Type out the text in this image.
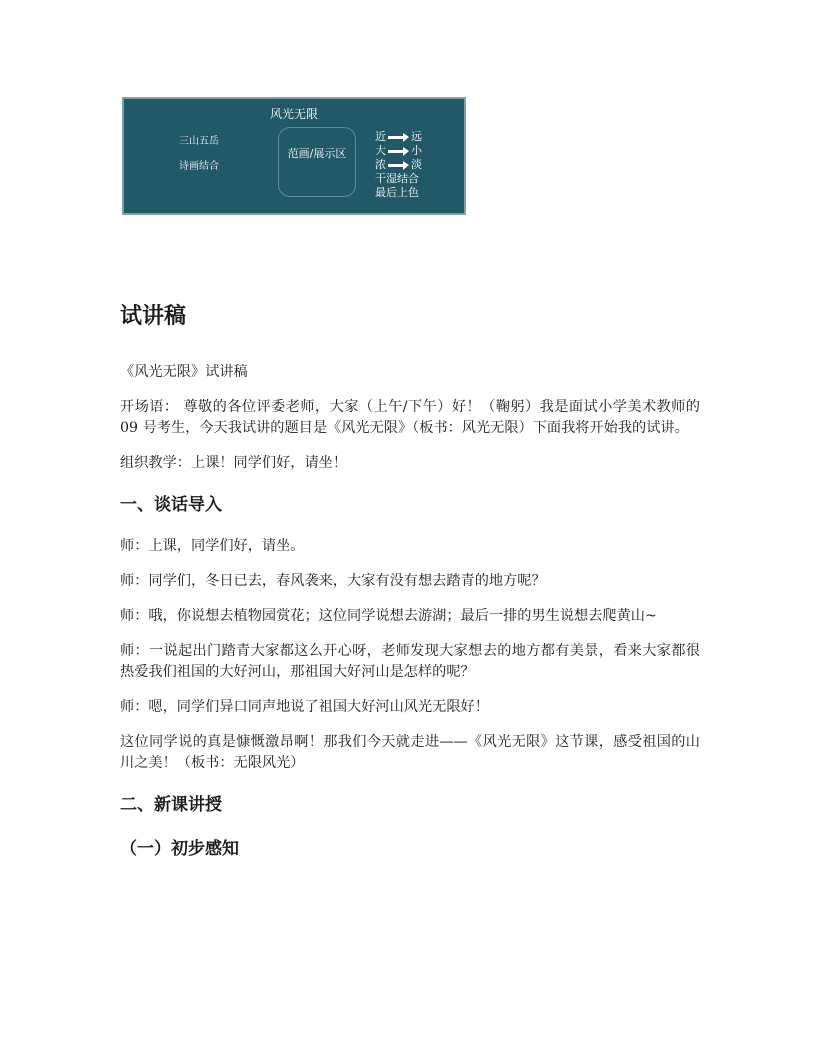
风光无限
三山五岳
诗画结合
范画/展示区
近 远
大 小
浓 淡
干湿结合
最后上色
试讲稿

《风光无限》试讲稿

开场语： 尊敬的各位评委老师，大家（上午/下午）好！（鞠躬）我是面试小学美术教师的 09 号考生，今天我试讲的题目是《风光无限》（板书：风光无限）下面我将开始我的试讲。

组织教学：上课！同学们好，请坐！

一、谈话导入

师：上课，同学们好，请坐。

师：同学们，冬日已去，春风袭来，大家有没有想去踏青的地方呢？

师：哦，你说想去植物园赏花；这位同学说想去游湖；最后一排的男生说想去爬黄山~

师：一说起出门踏青大家都这么开心呀，老师发现大家想去的地方都有美景，看来大家都很热爱我们祖国的大好河山，那祖国大好河山是怎样的呢？

师：嗯，同学们异口同声地说了祖国大好河山风光无限好！

这位同学说的真是慷慨激昂啊！那我们今天就走进——《风光无限》这节课，感受祖国的山川之美！（板书：无限风光）

二、新课讲授
（一）初步感知
